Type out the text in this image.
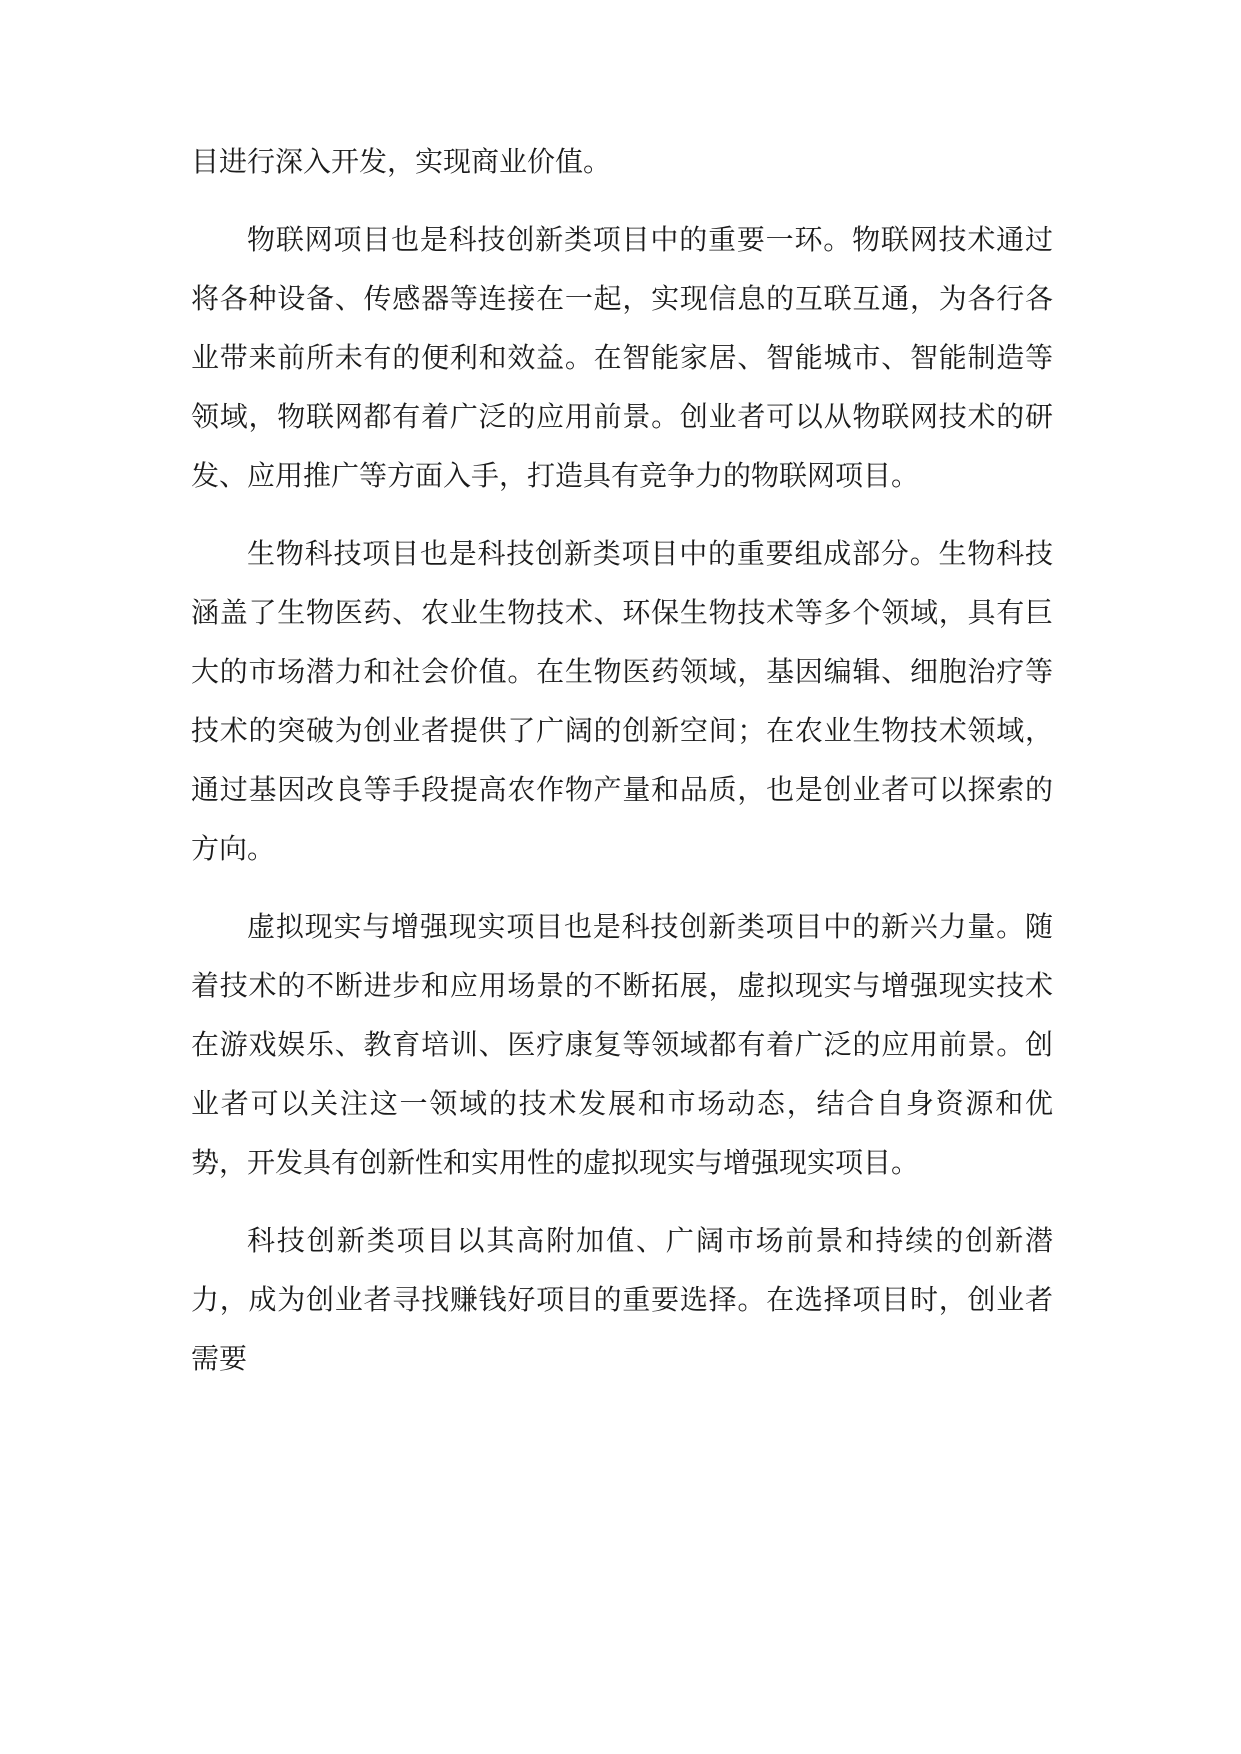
目进行深入开发，实现商业价值。

物联网项目也是科技创新类项目中的重要一环。物联网技术通过将各种设备、传感器等连接在一起，实现信息的互联互通，为各行各业带来前所未有的便利和效益。在智能家居、智能城市、智能制造等领域，物联网都有着广泛的应用前景。创业者可以从物联网技术的研发、应用推广等方面入手，打造具有竞争力的物联网项目。

生物科技项目也是科技创新类项目中的重要组成部分。生物科技涵盖了生物医药、农业生物技术、环保生物技术等多个领域，具有巨大的市场潜力和社会价值。在生物医药领域，基因编辑、细胞治疗等技术的突破为创业者提供了广阔的创新空间；在农业生物技术领域，通过基因改良等手段提高农作物产量和品质，也是创业者可以探索的方向。

虚拟现实与增强现实项目也是科技创新类项目中的新兴力量。随着技术的不断进步和应用场景的不断拓展，虚拟现实与增强现实技术在游戏娱乐、教育培训、医疗康复等领域都有着广泛的应用前景。创业者可以关注这一领域的技术发展和市场动态，结合自身资源和优势，开发具有创新性和实用性的虚拟现实与增强现实项目。

科技创新类项目以其高附加值、广阔市场前景和持续的创新潜力，成为创业者寻找赚钱好项目的重要选择。在选择项目时，创业者需要
